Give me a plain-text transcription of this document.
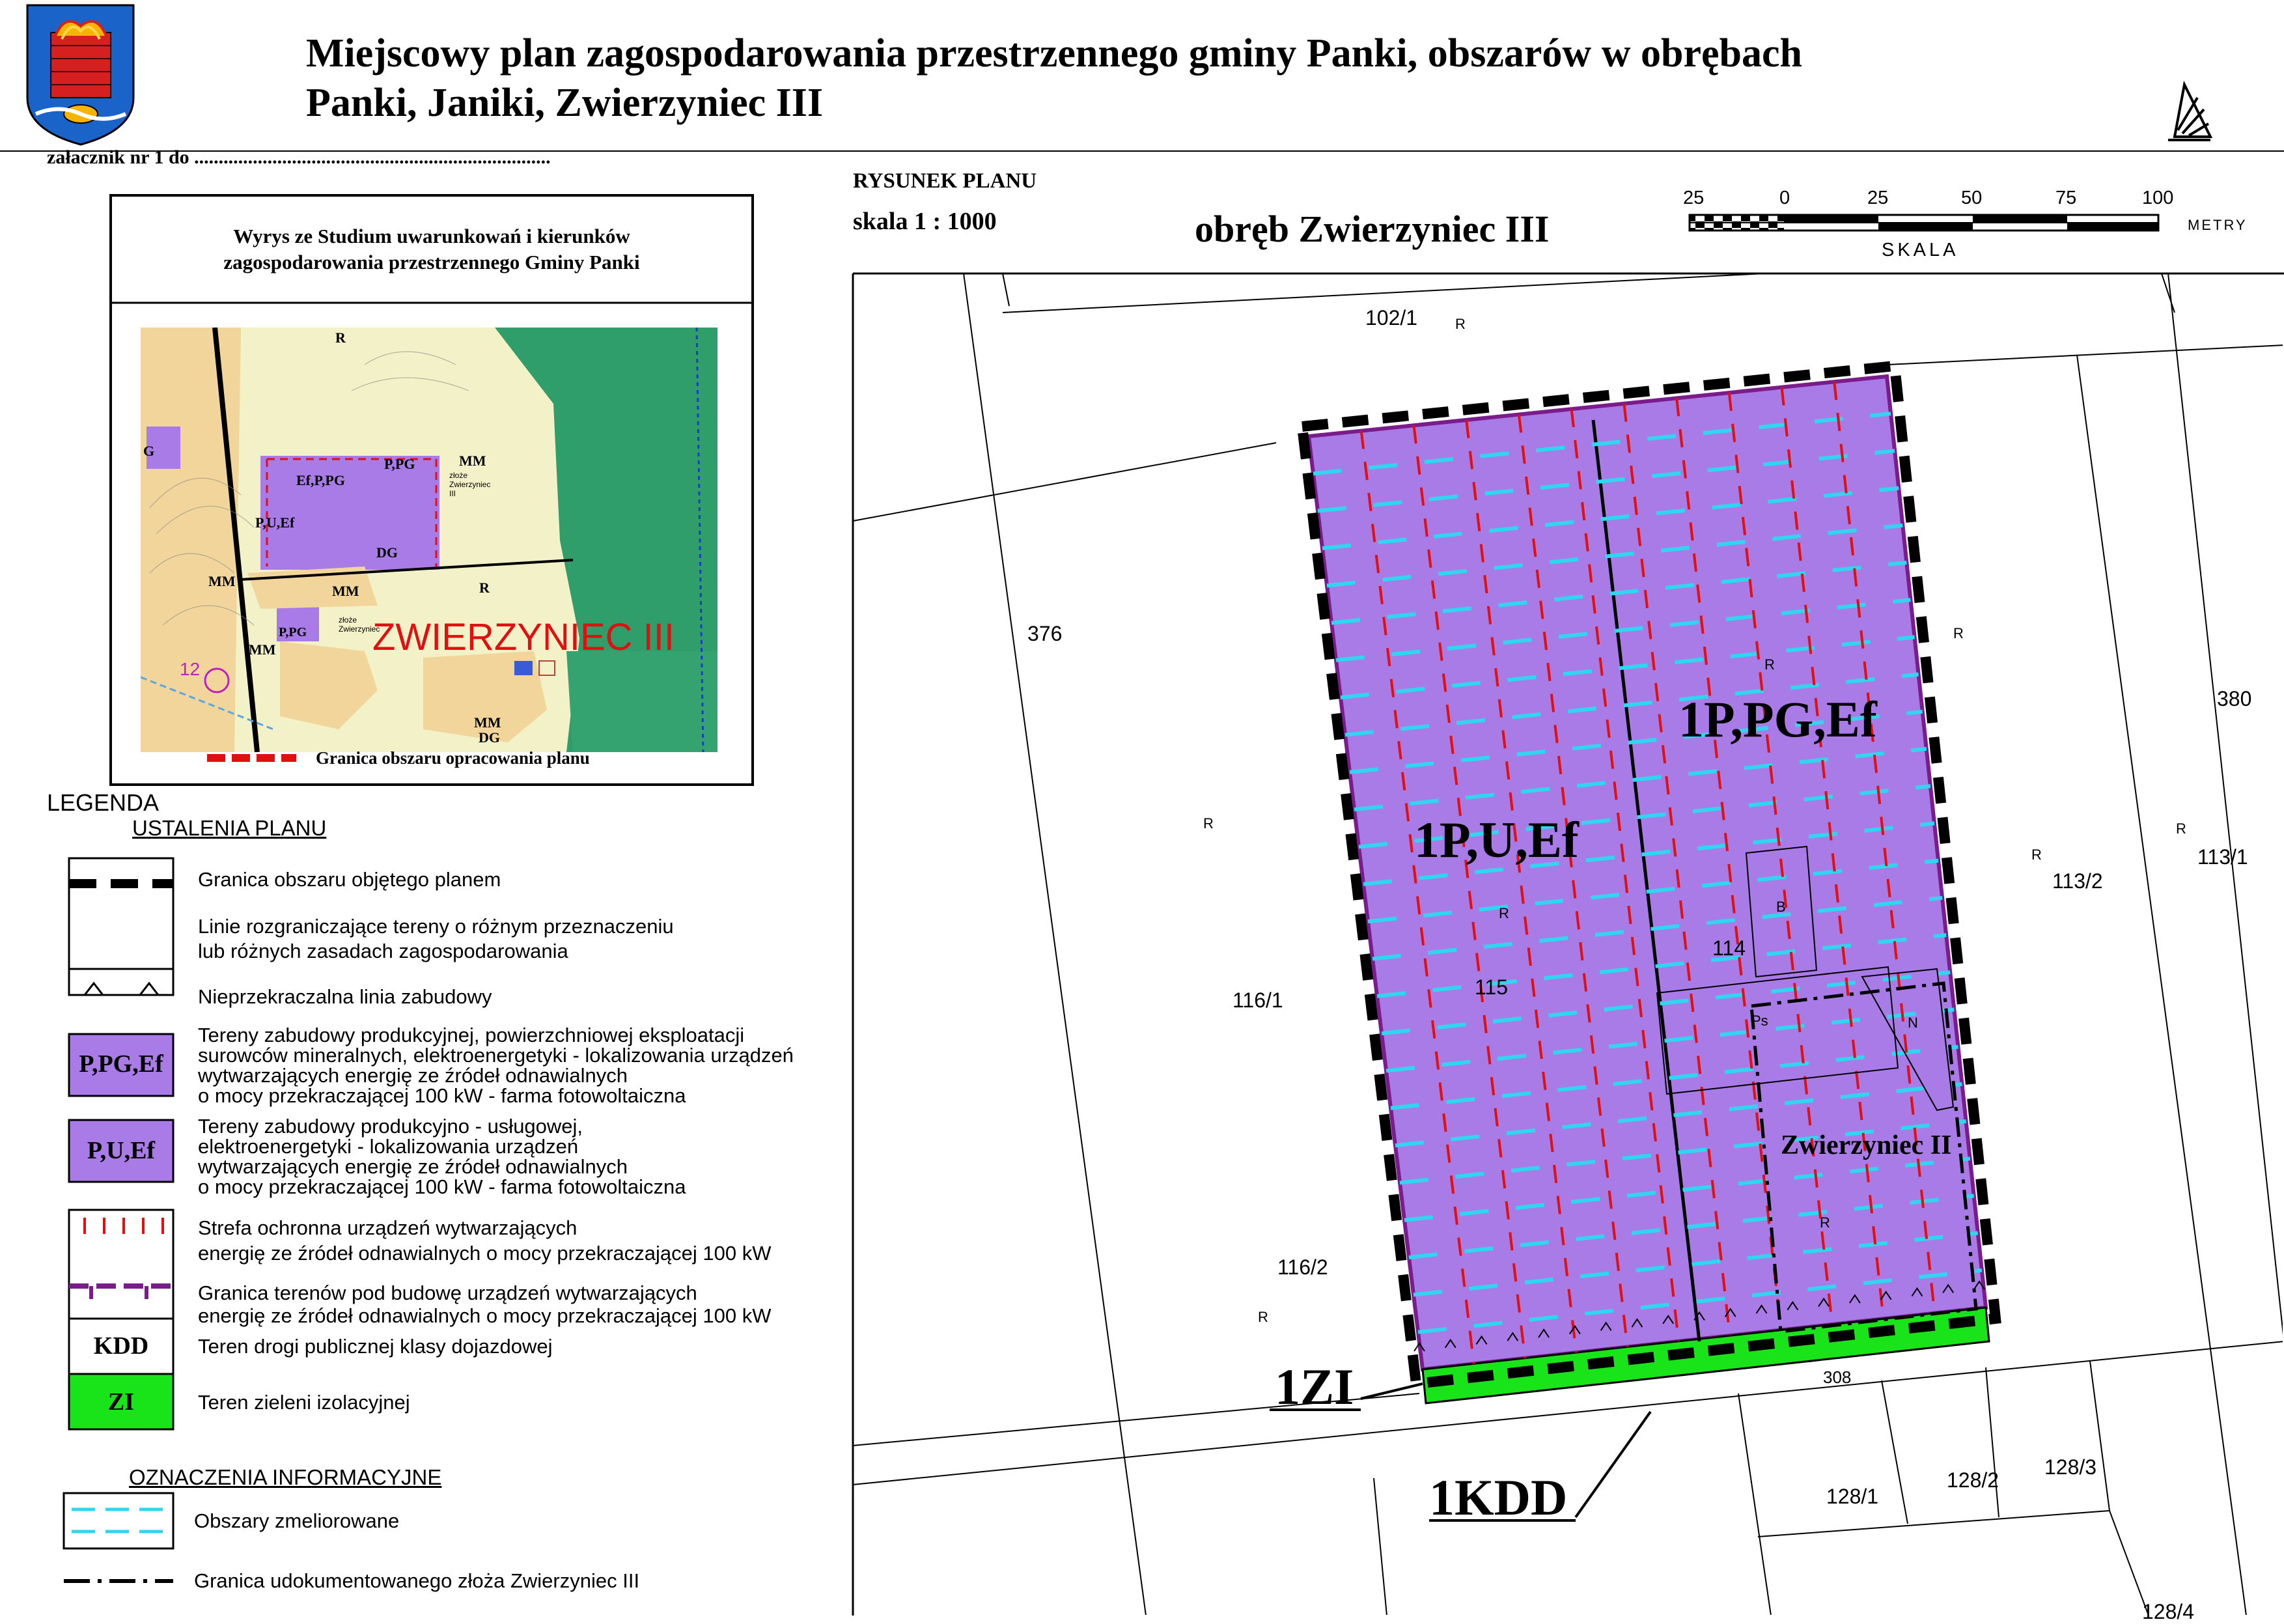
Miejscowy plan zagospodarowania przestrzennego gminy Panki, obszarów w obrębach
Panki, Janiki, Zwierzyniec III
załacznik nr 1 do .........................................................................
RYSUNEK PLANU
skala 1 : 1000	obręb Zwierzyniec III
25	0	25	50	75	100
METRY
SKALA
Wyrys ze Studium uwarunkowań i kierunków
zagospodarowania przestrzennego Gminy Panki
R
G
Ef,P,PG
P,PG	MM
złoże Zwierzyniec III
P,U,Ef
DG
MM
MM	R
MM
P,PG
złoże Zwierzyniec
12
MM
DG
ZWIERZYNIEC III
Granica obszaru opracowania planu
LEGENDA
USTALENIA PLANU
Granica obszaru objętego planem
Linie rozgraniczające tereny o różnym przeznaczeniu
lub różnych zasadach zagospodarowania
Nieprzekraczalna linia zabudowy
P,PG,Ef
Tereny zabudowy produkcyjnej, powierzchniowej eksploatacji
surowców mineralnych, elektroenergetyki - lokalizowania urządzeń
wytwarzających energię ze źródeł odnawialnych
o mocy przekraczającej 100 kW - farma fotowoltaiczna
P,U,Ef
Tereny zabudowy produkcyjno - usługowej,
elektroenergetyki - lokalizowania urządzeń
wytwarzających energię ze źródeł odnawialnych
o mocy przekraczającej 100 kW - farma fotowoltaiczna
Strefa ochronna urządzeń wytwarzających
energię ze źródeł odnawialnych o mocy przekraczającej 100 kW
Granica terenów pod budowę urządzeń wytwarzających
energię ze źródeł odnawialnych o mocy przekraczającej 100 kW
KDD	Teren drogi publicznej klasy dojazdowej
ZI	Teren zieleni izolacyjnej
OZNACZENIA INFORMACYJNE
Obszary zmeliorowane
Granica udokumentowanego złoża Zwierzyniec III
1P,U,Ef
1P,PG,Ef
1ZI
1KDD
Zwierzyniec II
102/1
376
380
116/1
116/2
115
114
113/2
113/1
128/1
128/2
128/3
128/4
308
R
R
R
R
R
R
R
R
R
B
Ps	N
